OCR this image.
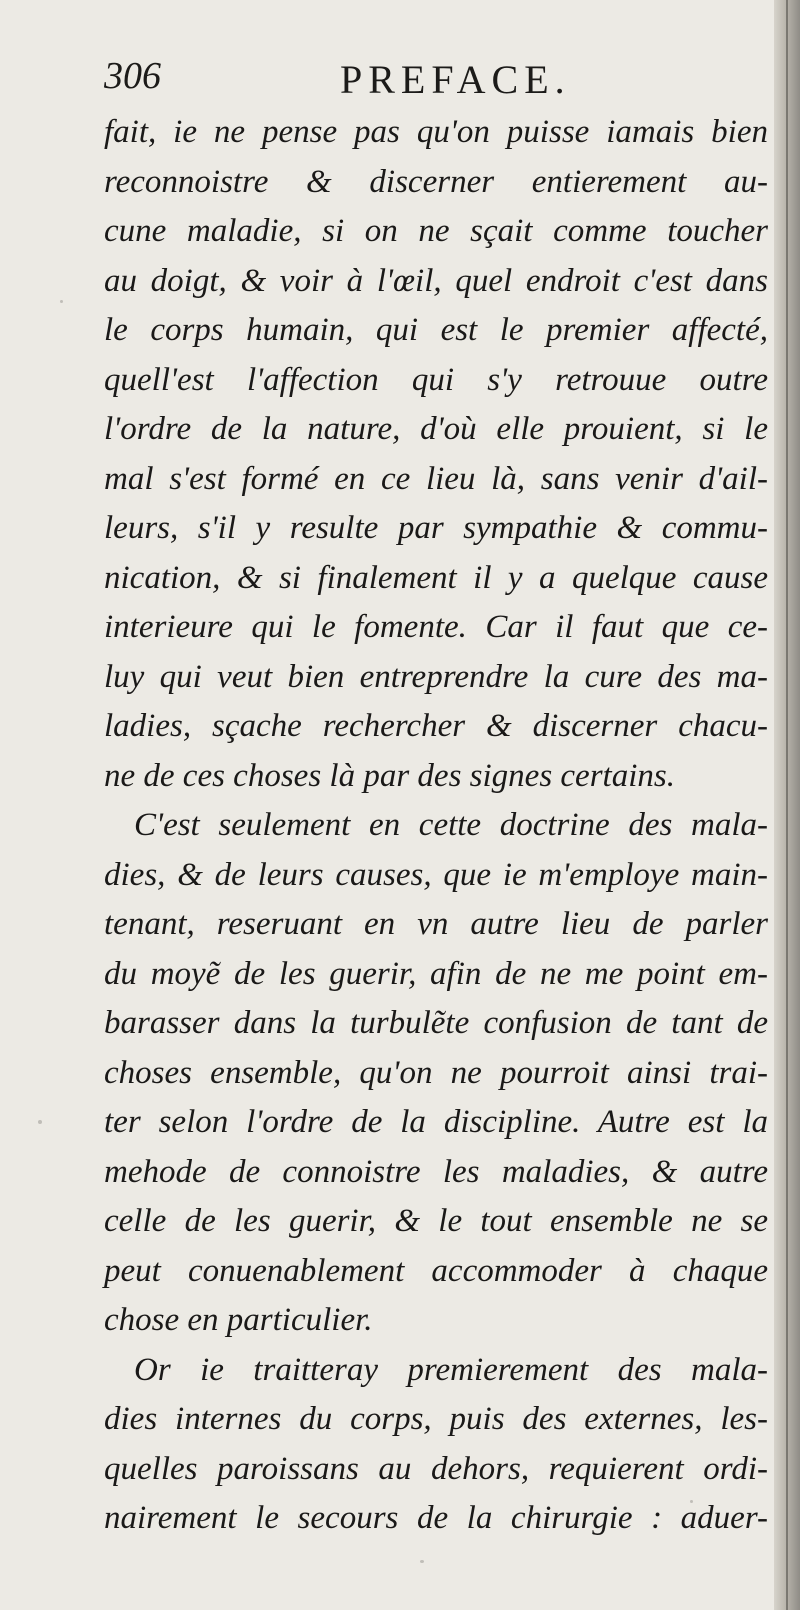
306	PREFACE.
fait, ie ne pense pas qu'on puisse iamais bien
reconnoistre & discerner entierement au-
cune maladie, si on ne sçait comme toucher
au doigt, & voir à l'œil, quel endroit c'est dans
le corps humain, qui est le premier affecté,
quell'est l'affection qui s'y retrouue outre
l'ordre de la nature, d'où elle prouient, si le
mal s'est formé en ce lieu là, sans venir d'ail-
leurs, s'il y resulte par sympathie & commu-
nication, & si finalement il y a quelque cause
interieure qui le fomente. Car il faut que ce-
luy qui veut bien entreprendre la cure des ma-
ladies, sçache rechercher & discerner chacu-
ne de ces choses là par des signes certains.
C'est seulement en cette doctrine des mala-
dies, & de leurs causes, que ie m'employe main-
tenant, reseruant en vn autre lieu de parler
du moyẽ de les guerir, afin de ne me point em-
barasser dans la turbulẽte confusion de tant de
choses ensemble, qu'on ne pourroit ainsi trai-
ter selon l'ordre de la discipline. Autre est la
mehode de connoistre les maladies, & autre
celle de les guerir, & le tout ensemble ne se
peut conuenablement accommoder à chaque
chose en particulier.
Or ie traitteray premierement des mala-
dies internes du corps, puis des externes, les-
quelles paroissans au dehors, requierent ordi-
nairement le secours de la chirurgie : aduer-
